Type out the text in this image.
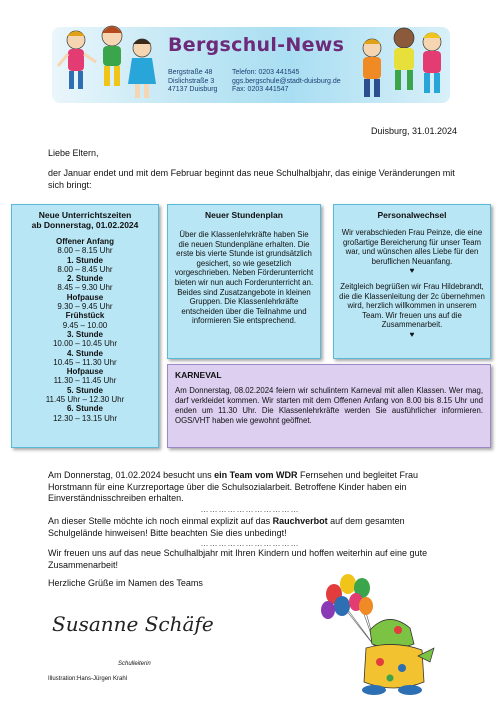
Bergschul-News
Bergstraße 48
Dislichstraße 3
47137 Duisburg
Telefon: 0203 441545
ggs.bergschule@stadt-duisburg.de
Fax: 0203 441547
Duisburg, 31.01.2024
Liebe Eltern,
der Januar endet und mit dem Februar beginnt das neue Schulhalbjahr, das einige Veränderungen mit sich bringt:
Neue Unterrichtszeiten
ab Donnerstag, 01.02.2024
Offener Anfang
8.00 – 8.15 Uhr
1. Stunde
8.00 – 8.45 Uhr
2. Stunde
8.45 – 9.30 Uhr
Hofpause
9.30 – 9.45 Uhr
Frühstück
9.45 – 10.00
3. Stunde
10.00 – 10.45 Uhr
4. Stunde
10.45 – 11.30 Uhr
Hofpause
11.30 – 11.45 Uhr
5. Stunde
11.45 Uhr – 12.30 Uhr
6. Stunde
12.30 – 13.15 Uhr
Neuer Stundenplan
Über die Klassenlehrkräfte haben Sie die neuen Stundenpläne erhalten. Die erste bis vierte Stunde ist grundsätzlich gesichert, so wie gesetzlich vorgeschrieben. Neben Förderunterricht bieten wir nun auch Forderunterricht an. Beides sind Zusatzangebote in kleinen Gruppen. Die Klassenlehrkräfte entscheiden über die Teilnahme und informieren Sie entsprechend.
Personalwechsel
Wir verabschieden Frau Peinze, die eine großartige Bereicherung für unser Team war, und wünschen alles Liebe für den beruflichen Neuanfang.
♥
Zeitgleich begrüßen wir Frau Hildebrandt, die die Klassenleitung der 2c übernehmen wird, herzlich willkommen in unserem Team. Wir freuen uns auf die Zusammenarbeit.
♥
KARNEVAL
Am Donnerstag, 08.02.2024 feiern wir schulintern Karneval mit allen Klassen. Wer mag, darf verkleidet kommen. Wir starten mit dem Offenen Anfang von 8.00 bis 8.15 Uhr und enden um 11.30 Uhr. Die Klassenlehrkräfte werden Sie ausführlicher informieren. OGS/VHT haben wie gewohnt geöffnet.
Am Donnerstag, 01.02.2024 besucht uns ein Team vom WDR Fernsehen und begleitet Frau Horstmann für eine Kurzreportage über die Schulsozialarbeit. Betroffene Kinder haben ein Einverständnisschreiben erhalten.
……………………………
An dieser Stelle möchte ich noch einmal explizit auf das Rauchverbot auf dem gesamten Schulgelände hinweisen! Bitte beachten Sie dies unbedingt!
……………………………
Wir freuen uns auf das neue Schulhalbjahr mit Ihren Kindern und hoffen weiterhin auf eine gute Zusammenarbeit!
Herzliche Grüße im Namen des Teams
Susanne Schäfe
Schulleiterin
Illustration:Hans-Jürgen Krahl
